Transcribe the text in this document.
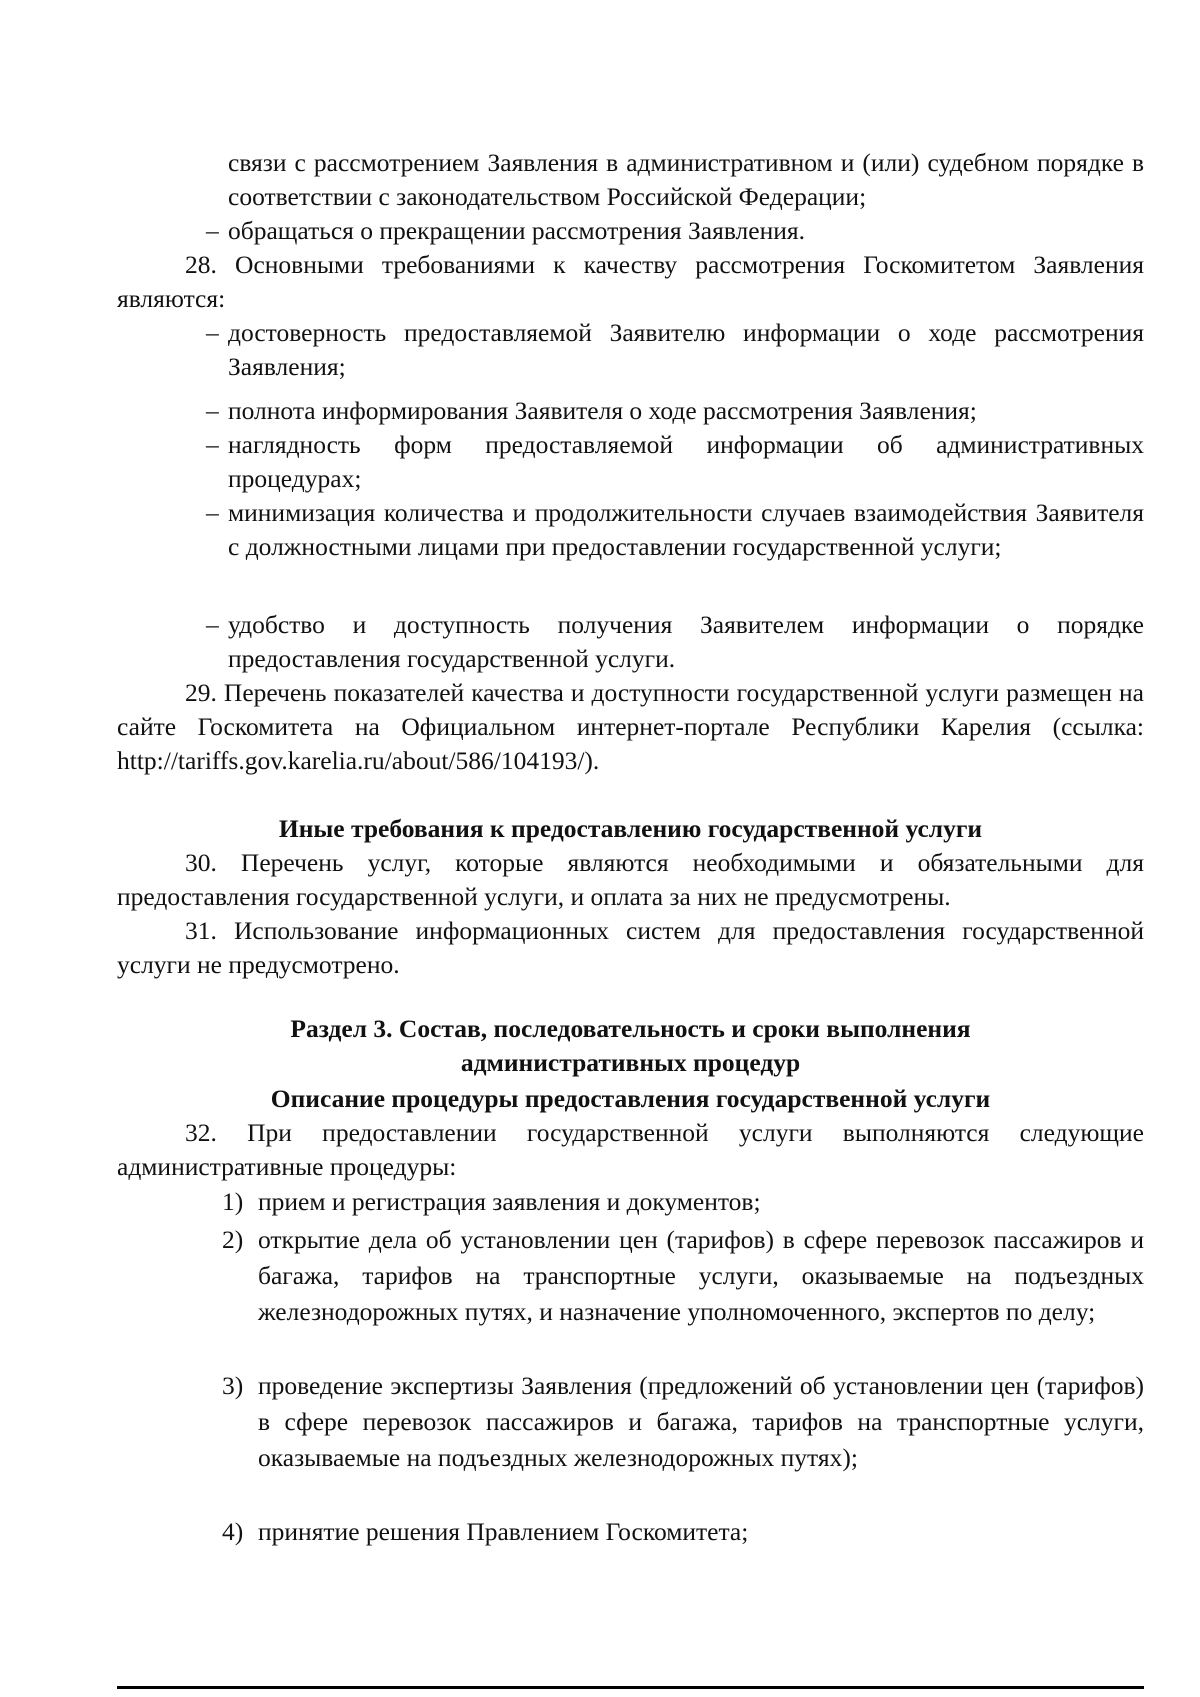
связи с рассмотрением Заявления в административном и (или) судебном порядке в соответствии с законодательством Российской Федерации;
– обращаться о прекращении рассмотрения Заявления.
28. Основными требованиями к качеству рассмотрения Госкомитетом Заявления являются:
– достоверность предоставляемой Заявителю информации о ходе рассмотрения Заявления;
– полнота информирования Заявителя о ходе рассмотрения Заявления;
– наглядность форм предоставляемой информации об административных процедурах;
– минимизация количества и продолжительности случаев взаимодействия Заявителя с должностными лицами при предоставлении государственной услуги;
– удобство и доступность получения Заявителем информации о порядке предоставления государственной услуги.
29. Перечень показателей качества и доступности государственной услуги размещен на сайте Госкомитета на Официальном интернет-портале Республики Карелия (ссылка: http://tariffs.gov.karelia.ru/about/586/104193/).
Иные требования к предоставлению государственной услуги
30. Перечень услуг, которые являются необходимыми и обязательными для предоставления государственной услуги, и оплата за них не предусмотрены.
31. Использование информационных систем для предоставления государственной услуги не предусмотрено.
Раздел 3. Состав, последовательность и сроки выполнения
административных процедур
Описание процедуры предоставления государственной услуги
32. При предоставлении государственной услуги выполняются следующие административные процедуры:
1) прием и регистрация заявления и документов;
2) открытие дела об установлении цен (тарифов) в сфере перевозок пассажиров и багажа, тарифов на транспортные услуги, оказываемые на подъездных железнодорожных путях, и назначение уполномоченного, экспертов по делу;
3) проведение экспертизы Заявления (предложений об установлении цен (тарифов) в сфере перевозок пассажиров и багажа, тарифов на транспортные услуги, оказываемые на подъездных железнодорожных путях);
4) принятие решения Правлением Госкомитета;
